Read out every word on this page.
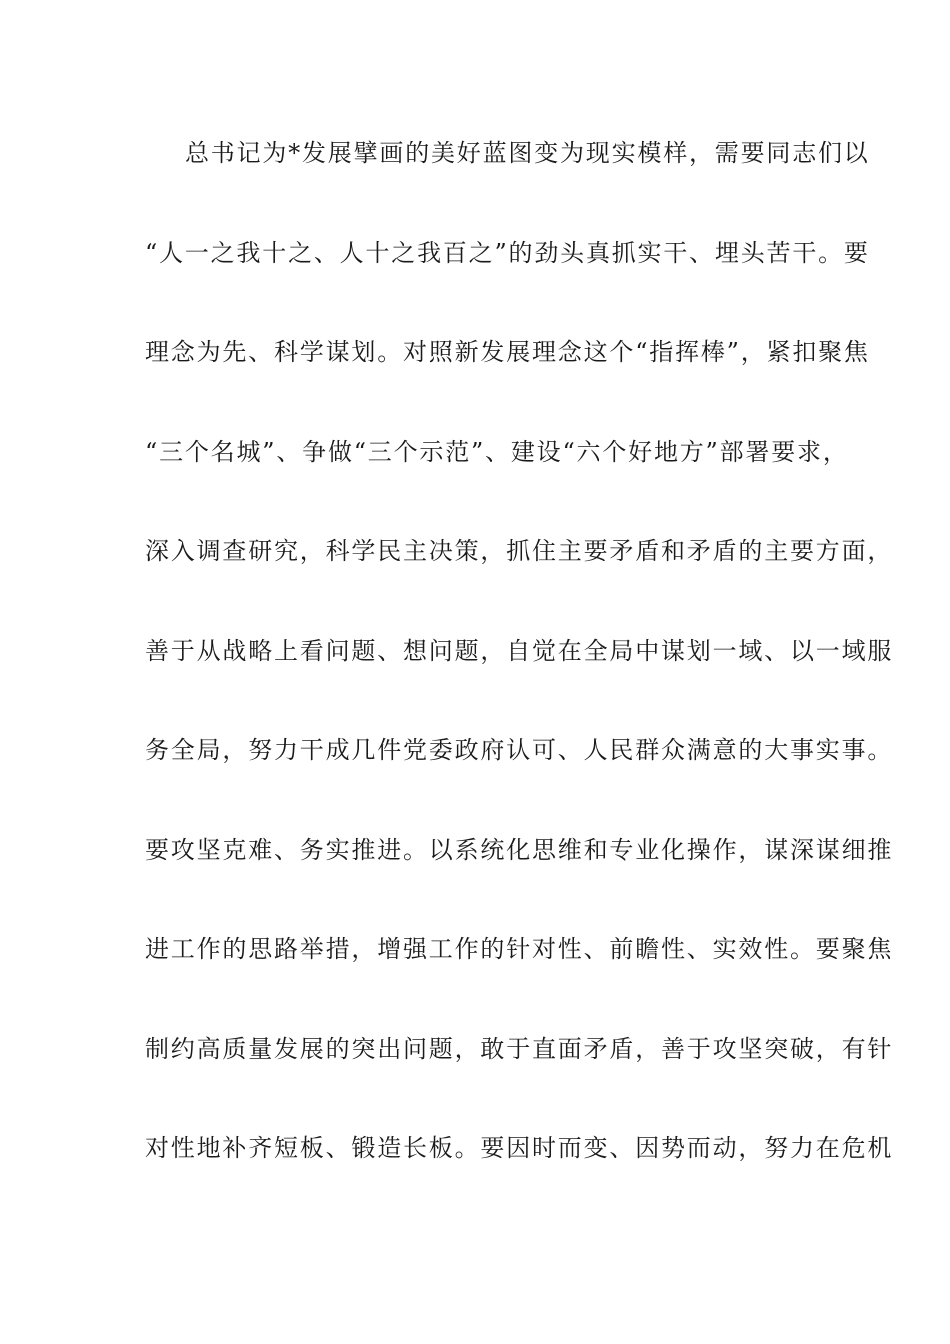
总书记为*发展擘画的美好蓝图变为现实模样，需要同志们以
“人一之我十之、人十之我百之”的劲头真抓实干、埋头苦干。要
理念为先、科学谋划。对照新发展理念这个“指挥棒”，紧扣聚焦
“三个名城”、争做“三个示范”、建设“六个好地方”部署要求，
深入调查研究，科学民主决策，抓住主要矛盾和矛盾的主要方面，
善于从战略上看问题、想问题，自觉在全局中谋划一域、以一域服
务全局，努力干成几件党委政府认可、人民群众满意的大事实事。
要攻坚克难、务实推进。以系统化思维和专业化操作，谋深谋细推
进工作的思路举措，增强工作的针对性、前瞻性、实效性。要聚焦
制约高质量发展的突出问题，敢于直面矛盾，善于攻坚突破，有针
对性地补齐短板、锻造长板。要因时而变、因势而动，努力在危机
